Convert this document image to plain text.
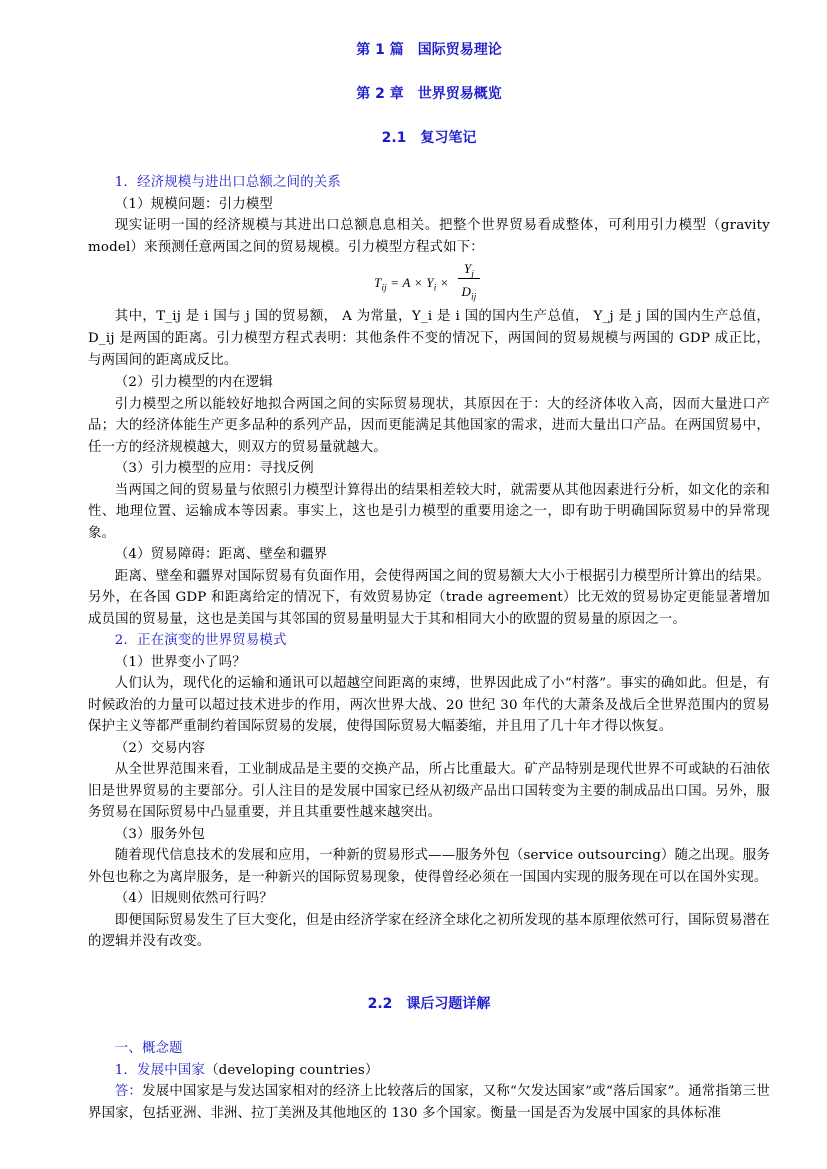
第 1 篇　国际贸易理论
第 2 章　世界贸易概览
2.1　复习笔记

1．经济规模与进出口总额之间的关系

（1）规模问题：引力模型

现实证明一国的经济规模与其进出口总额息息相关。把整个世界贸易看成整体，可利用引力模型（gravity model）来预测任意两国之间的贸易规模。引力模型方程式如下：

$T_{ij} = A \times Y_i$ ×
$Y_j$
$D_{ij}$

其中，T_ij 是 i 国与 j 国的贸易额， A 为常量，Y_i 是 i 国的国内生产总值， Y_j 是 j 国的国内生产总值， D_ij 是两国的距离。引力模型方程式表明：其他条件不变的情况下，两国间的贸易规模与两国的 GDP 成正比，与两国间的距离成反比。

（2）引力模型的内在逻辑

引力模型之所以能较好地拟合两国之间的实际贸易现状，其原因在于：大的经济体收入高，因而大量进口产品；大的经济体能生产更多品种的系列产品，因而更能满足其他国家的需求，进而大量出口产品。在两国贸易中，任一方的经济规模越大，则双方的贸易量就越大。

（3）引力模型的应用：寻找反例

当两国之间的贸易量与依照引力模型计算得出的结果相差较大时，就需要从其他因素进行分析，如文化的亲和性、地理位置、运输成本等因素。事实上，这也是引力模型的重要用途之一，即有助于明确国际贸易中的异常现象。

（4）贸易障碍：距离、壁垒和疆界

距离、壁垒和疆界对国际贸易有负面作用，会使得两国之间的贸易额大大小于根据引力模型所计算出的结果。另外，在各国 GDP 和距离给定的情况下，有效贸易协定（trade agreement）比无效的贸易协定更能显著增加成员国的贸易量，这也是美国与其邻国的贸易量明显大于其和相同大小的欧盟的贸易量的原因之一。

2．正在演变的世界贸易模式

（1）世界变小了吗？

人们认为，现代化的运输和通讯可以超越空间距离的束缚，世界因此成了小“村落”。事实的确如此。但是，有时候政治的力量可以超过技术进步的作用，两次世界大战、20 世纪 30 年代的大萧条及战后全世界范围内的贸易保护主义等都严重制约着国际贸易的发展，使得国际贸易大幅萎缩，并且用了几十年才得以恢复。

（2）交易内容

从全世界范围来看，工业制成品是主要的交换产品，所占比重最大。矿产品特别是现代世界不可或缺的石油依旧是世界贸易的主要部分。引人注目的是发展中国家已经从初级产品出口国转变为主要的制成品出口国。另外，服务贸易在国际贸易中凸显重要，并且其重要性越来越突出。

（3）服务外包

随着现代信息技术的发展和应用，一种新的贸易形式——服务外包（service outsourcing）随之出现。服务外包也称之为离岸服务，是一种新兴的国际贸易现象，使得曾经必须在一国国内实现的服务现在可以在国外实现。

（4）旧规则依然可行吗？

即便国际贸易发生了巨大变化，但是由经济学家在经济全球化之初所发现的基本原理依然可行，国际贸易潜在的逻辑并没有改变。

2.2　课后习题详解

一、概念题

1．发展中国家（developing countries）

答：发展中国家是与发达国家相对的经济上比较落后的国家，又称“欠发达国家”或“落后国家”。通常指第三世界国家，包括亚洲、非洲、拉丁美洲及其他地区的 130 多个国家。衡量一国是否为发展中国家的具体标准
